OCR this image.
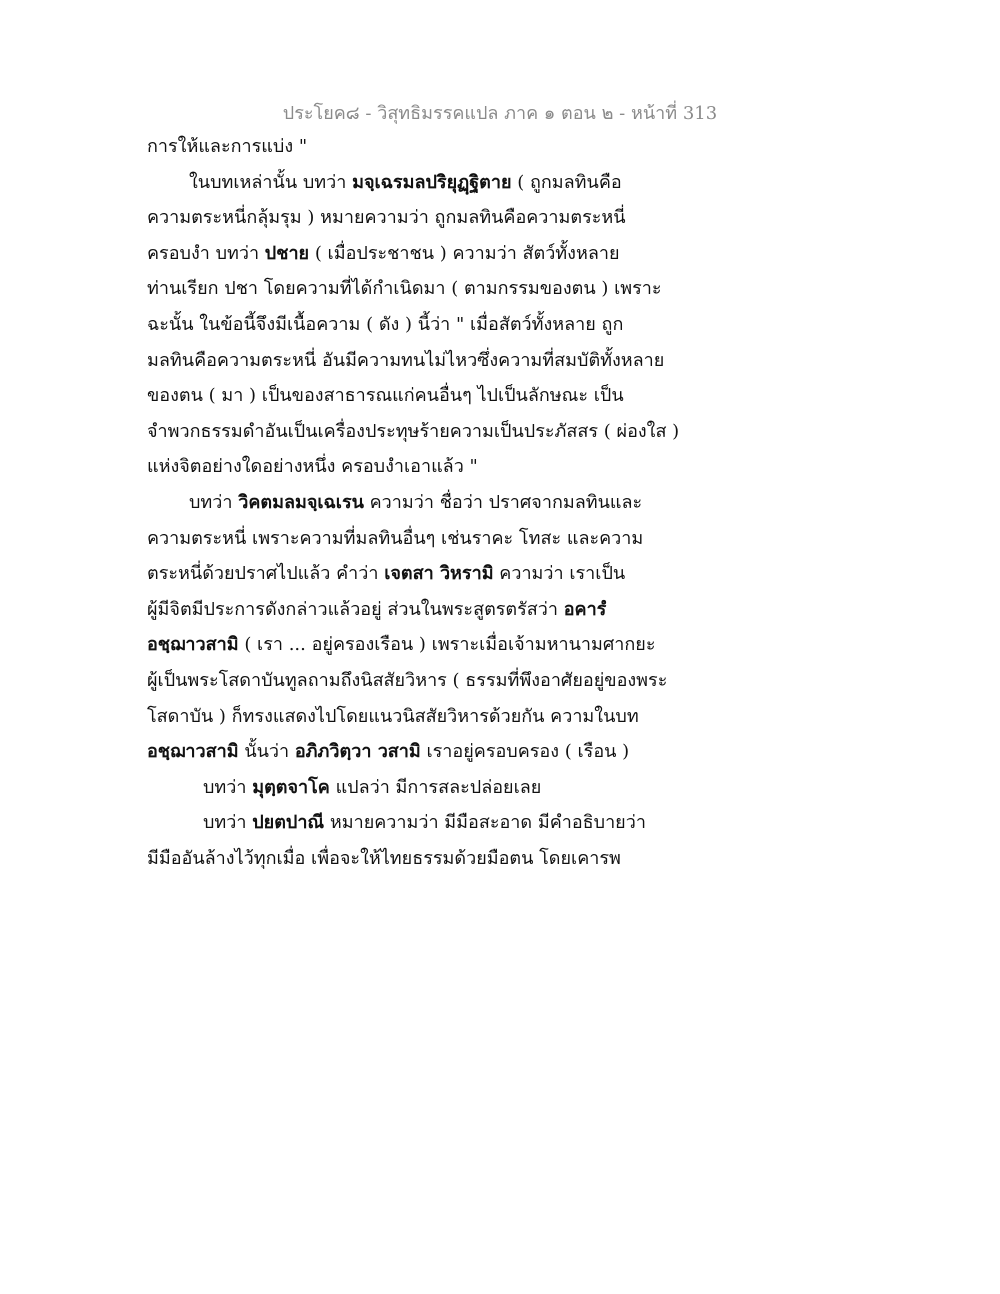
ประโยค๘ - วิสุทธิมรรคแปล ภาค ๑ ตอน ๒ - หน้าที่ 313
การให้และการแบ่ง "
ในบทเหล่านั้น บทว่า มจฺเฉรมลปริยุฏฺฐิตาย ( ถูกมลทินคือ
ความตระหนี่กลุ้มรุม ) หมายความว่า ถูกมลทินคือความตระหนี่
ครอบงำ บทว่า ปชาย ( เมื่อประชาชน ) ความว่า สัตว์ทั้งหลาย
ท่านเรียก ปชา โดยความที่ได้กำเนิดมา ( ตามกรรมของตน ) เพราะ
ฉะนั้น ในข้อนี้จึงมีเนื้อความ ( ดัง ) นี้ว่า " เมื่อสัตว์ทั้งหลาย ถูก
มลทินคือความตระหนี่ อันมีความทนไม่ไหวซึ่งความที่สมบัติทั้งหลาย
ของตน ( มา ) เป็นของสาธารณแก่คนอื่นๆ ไปเป็นลักษณะ เป็น
จำพวกธรรมดำอันเป็นเครื่องประทุษร้ายความเป็นประภัสสร ( ผ่องใส )
แห่งจิตอย่างใดอย่างหนึ่ง ครอบงำเอาแล้ว "
บทว่า วิคตมลมจฺเฉเรน ความว่า ชื่อว่า ปราศจากมลทินและ
ความตระหนี่ เพราะความที่มลทินอื่นๆ เช่นราคะ โทสะ และความ
ตระหนี่ด้วยปราศไปแล้ว คำว่า เจตสา วิหรามิ ความว่า เราเป็น
ผู้มีจิตมีประการดังกล่าวแล้วอยู่ ส่วนในพระสูตรตรัสว่า อคารํ
อชฺฌาวสามิ ( เรา ... อยู่ครองเรือน ) เพราะเมื่อเจ้ามหานามศากยะ
ผู้เป็นพระโสดาบันทูลถามถึงนิสสัยวิหาร ( ธรรมที่พึงอาศัยอยู่ของพระ
โสดาบัน ) ก็ทรงแสดงไปโดยแนวนิสสัยวิหารด้วยกัน ความในบท
อชฺฌาวสามิ นั้นว่า อภิภวิตฺวา วสามิ เราอยู่ครอบครอง ( เรือน )
บทว่า มุตฺตจาโค แปลว่า มีการสละปล่อยเลย
บทว่า ปยตปาณี หมายความว่า มีมือสะอาด มีคำอธิบายว่า
มีมืออันล้างไว้ทุกเมื่อ เพื่อจะให้ไทยธรรมด้วยมือตน โดยเคารพ
